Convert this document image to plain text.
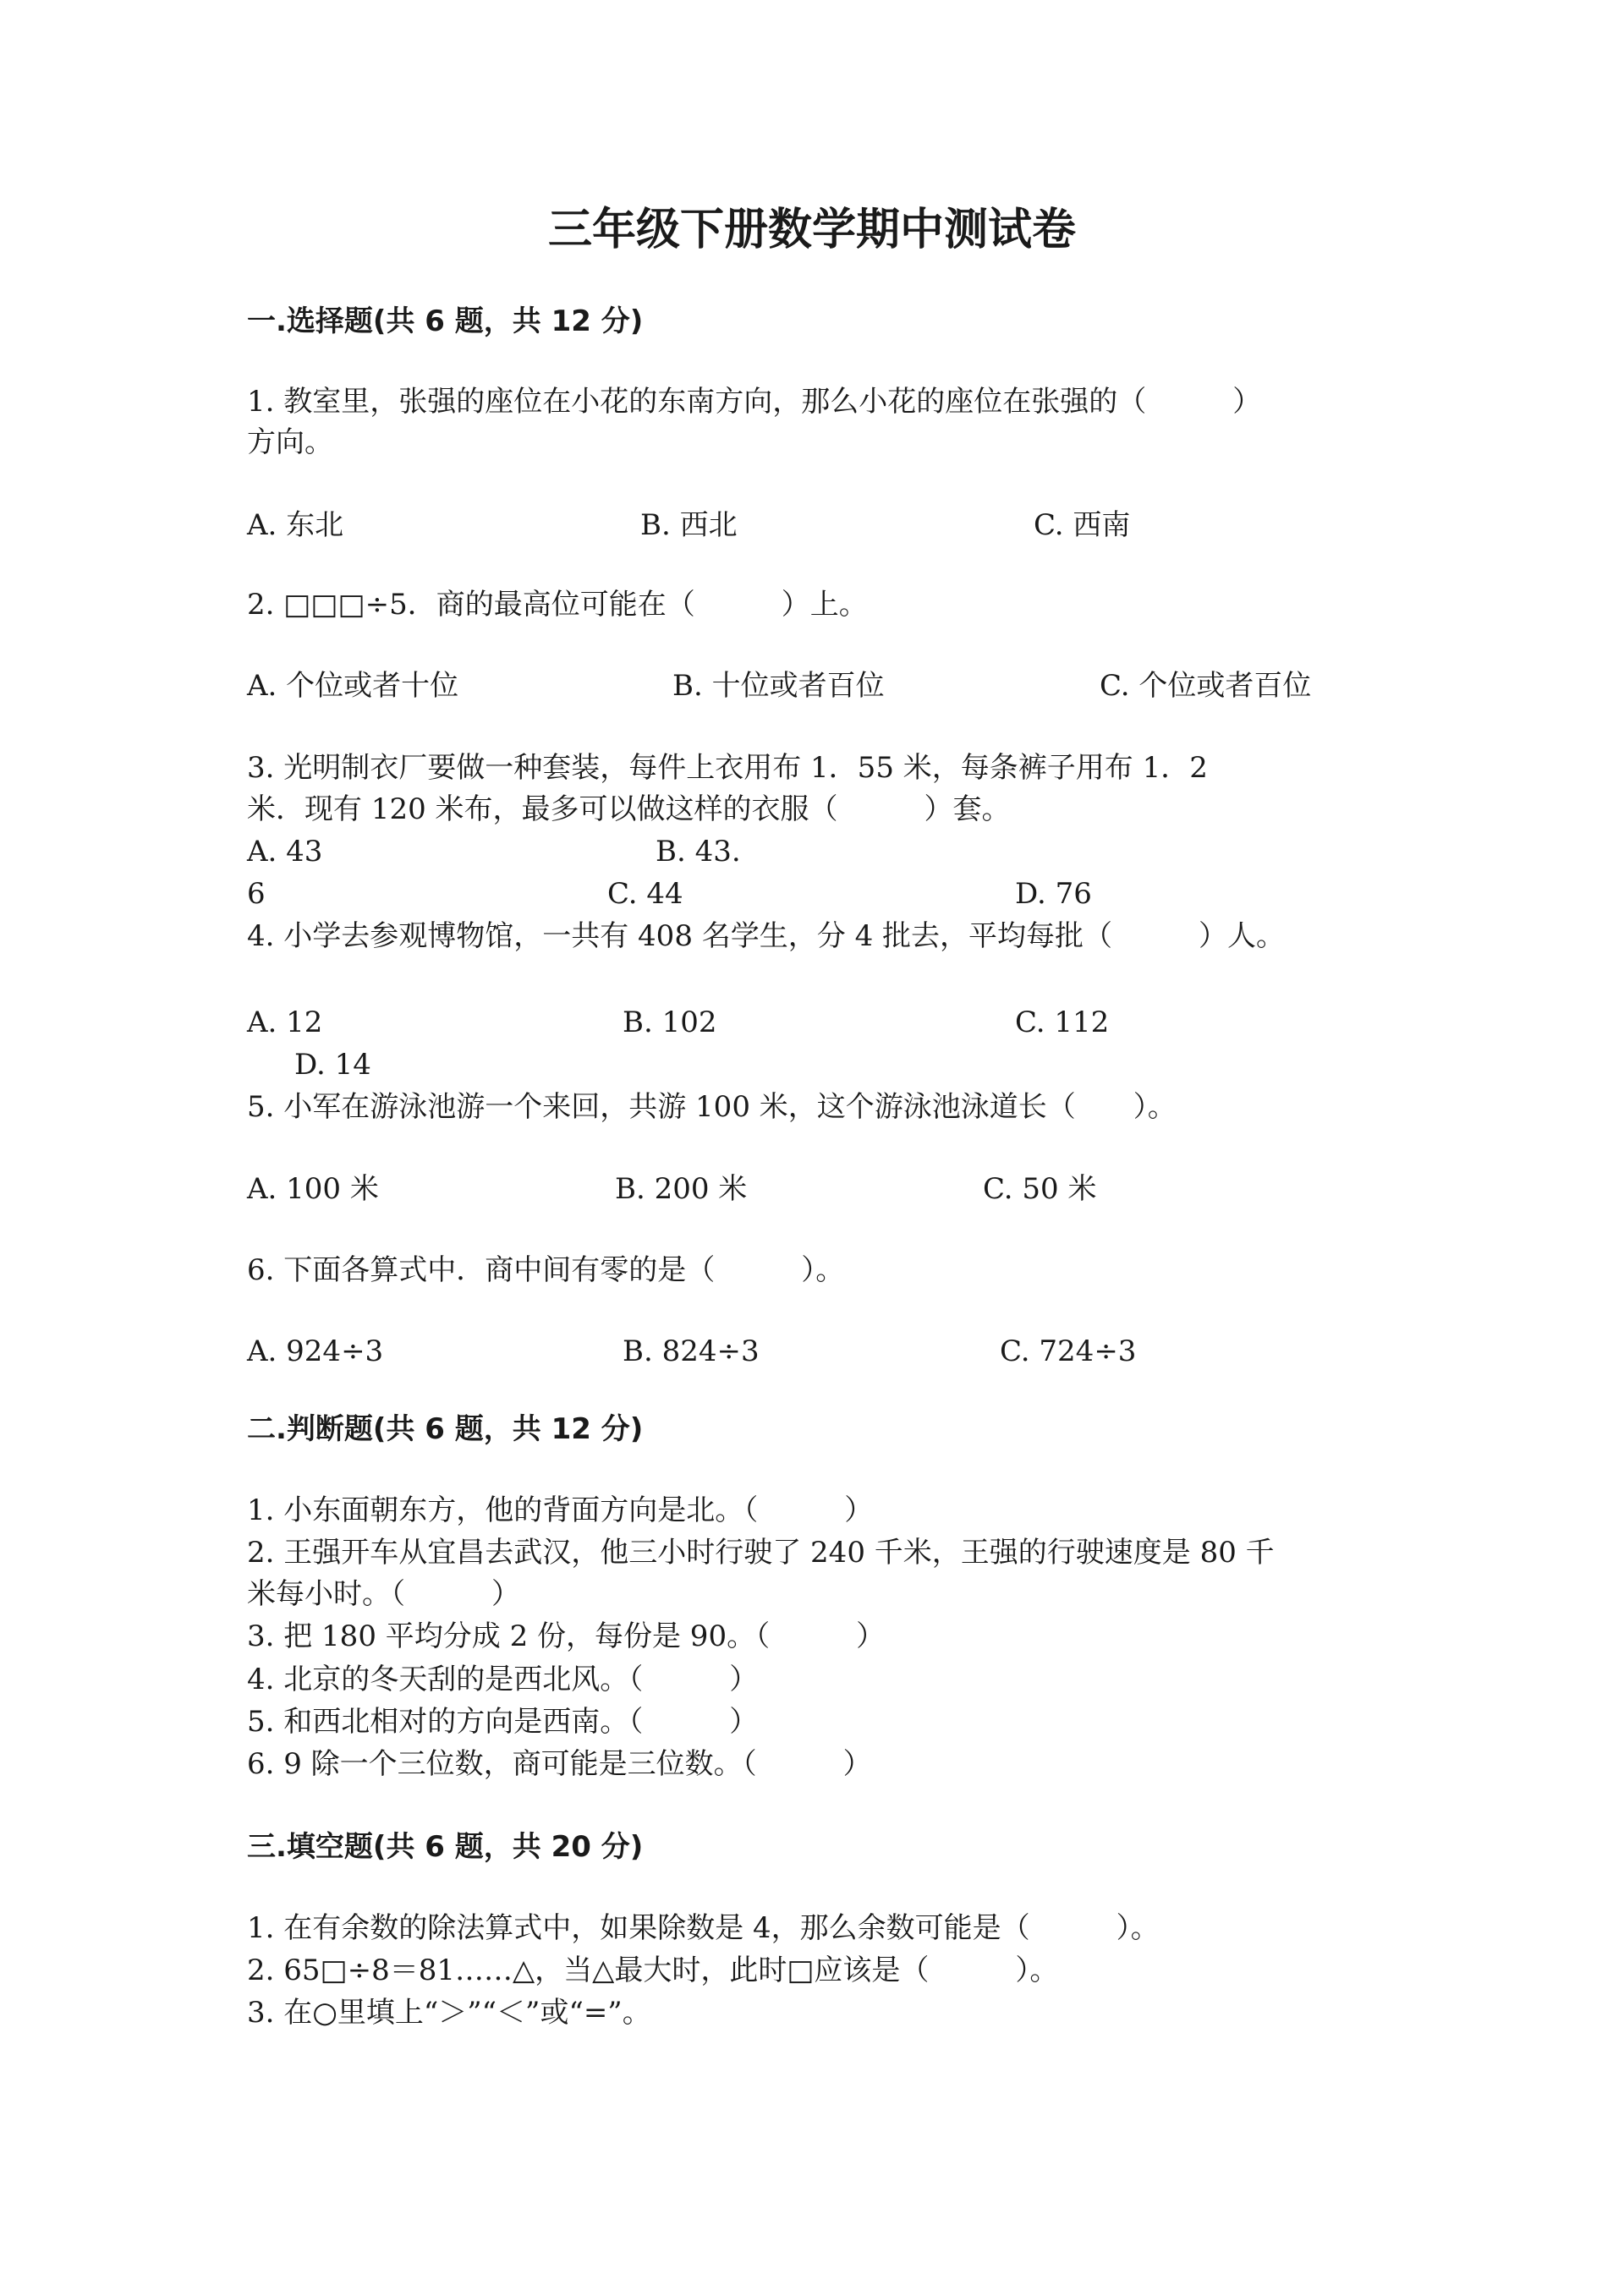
三年级下册数学期中测试卷
一.选择题(共 6 题，共 12 分)
1. 教室里，张强的座位在小花的东南方向，那么小花的座位在张强的（　　　）
方向。
A. 东北	B. 西北	C. 西南
2. □□□÷5．商的最高位可能在（　　　）上。
A. 个位或者十位	B. 十位或者百位	C. 个位或者百位
3. 光明制衣厂要做一种套装，每件上衣用布 1．55 米，每条裤子用布 1．2
米．现有 120 米布，最多可以做这样的衣服（　　　）套。
A. 43	B. 43.
6	C. 44	D. 76
4. 小学去参观博物馆，一共有 408 名学生，分 4 批去，平均每批（　　　）人。
A. 12	B. 102	C. 112
D. 14
5. 小军在游泳池游一个来回，共游 100 米，这个游泳池泳道长（　　）。
A. 100 米	B. 200 米	C. 50 米
6. 下面各算式中．商中间有零的是（　　　）。
A. 924÷3	B. 824÷3	C. 724÷3
二.判断题(共 6 题，共 12 分)
1. 小东面朝东方，他的背面方向是北。（　　　）
2. 王强开车从宜昌去武汉，他三小时行驶了 240 千米，王强的行驶速度是 80 千
米每小时。（　　　）
3. 把 180 平均分成 2 份，每份是 90。（　　　）
4. 北京的冬天刮的是西北风。（　　　）
5. 和西北相对的方向是西南。（　　　）
6. 9 除一个三位数，商可能是三位数。（　　　）
三.填空题(共 6 题，共 20 分)
1. 在有余数的除法算式中，如果除数是 4，那么余数可能是（　　　）。
2. 65□÷8＝81……△，当△最大时，此时□应该是（　　　）。
3. 在○里填上“＞”“＜”或“=”。
